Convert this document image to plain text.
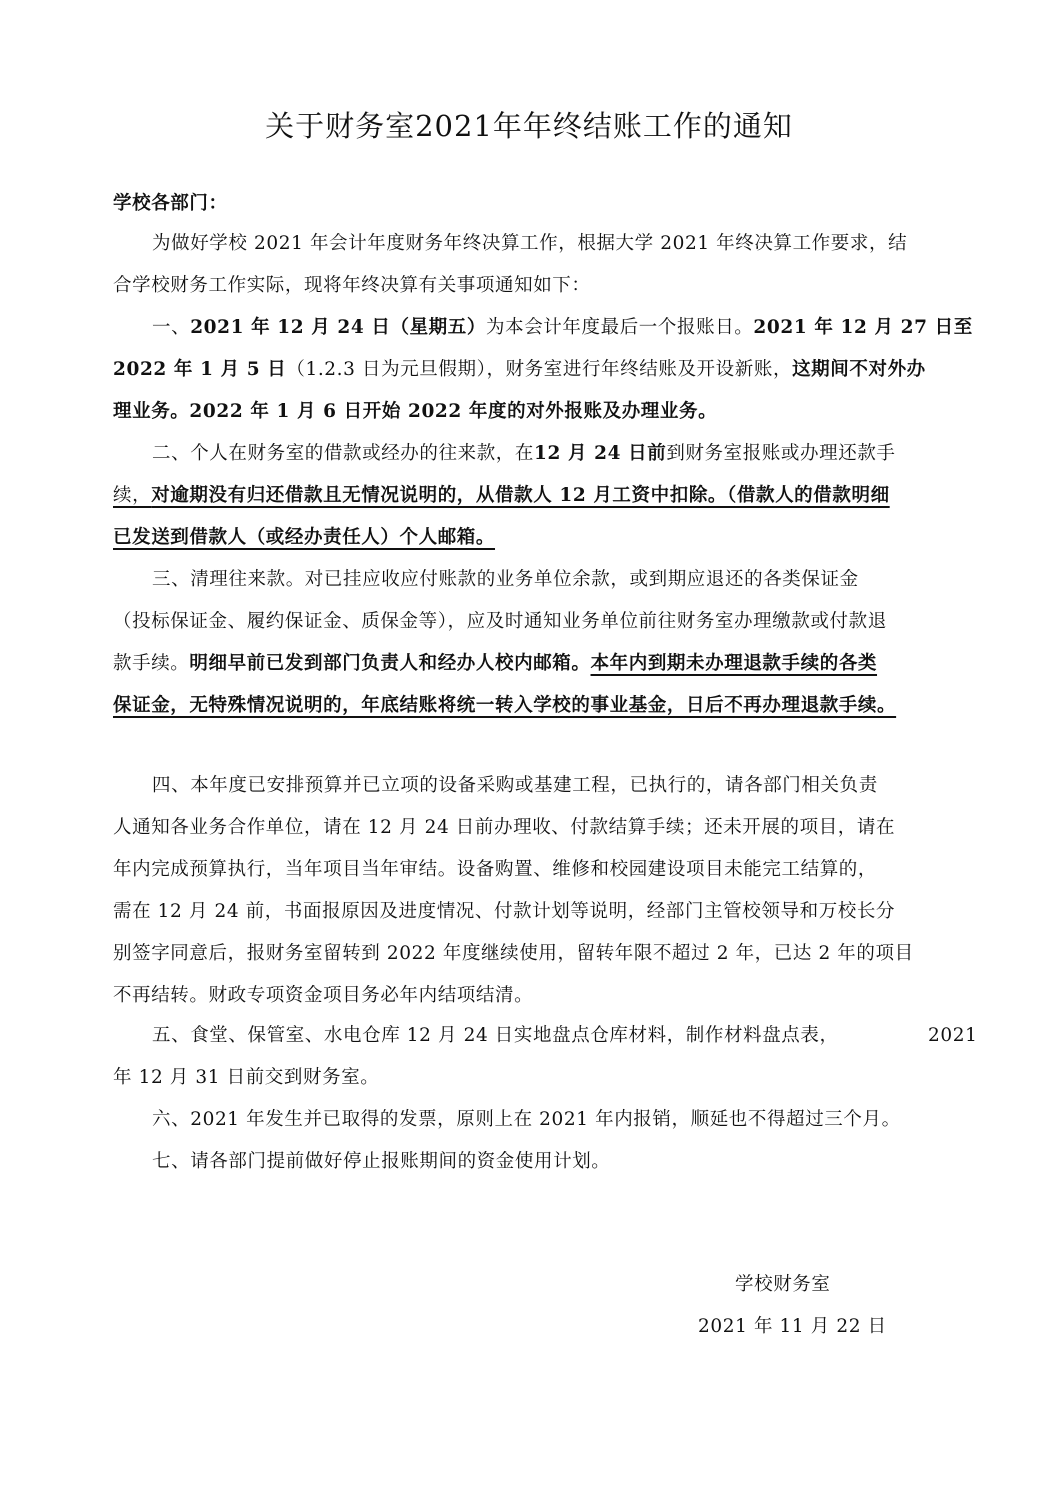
关于财务室2021年年终结账工作的通知

学校各部门：

为做好学校 2021 年会计年度财务年终决算工作，根据大学 2021 年终决算工作要求，结

合学校财务工作实际，现将年终决算有关事项通知如下：

一、2021 年 12 月 24 日（星期五）为本会计年度最后一个报账日。2021 年 12 月 27 日至

2022 年 1 月 5 日（1.2.3 日为元旦假期），财务室进行年终结账及开设新账，这期间不对外办

理业务。2022 年 1 月 6 日开始 2022 年度的对外报账及办理业务。

二、个人在财务室的借款或经办的往来款，在12 月 24 日前到财务室报账或办理还款手

续，对逾期没有归还借款且无情况说明的，从借款人 12 月工资中扣除。（借款人的借款明细

已发送到借款人（或经办责任人）个人邮箱。

三、清理往来款。对已挂应收应付账款的业务单位余款，或到期应退还的各类保证金

（投标保证金、履约保证金、质保金等），应及时通知业务单位前往财务室办理缴款或付款退

款手续。明细早前已发到部门负责人和经办人校内邮箱。本年内到期未办理退款手续的各类

保证金，无特殊情况说明的，年底结账将统一转入学校的事业基金，日后不再办理退款手续。

四、本年度已安排预算并已立项的设备采购或基建工程，已执行的，请各部门相关负责

人通知各业务合作单位，请在 12 月 24 日前办理收、付款结算手续；还未开展的项目，请在

年内完成预算执行，当年项目当年审结。设备购置、维修和校园建设项目未能完工结算的，

需在 12 月 24 前，书面报原因及进度情况、付款计划等说明，经部门主管校领导和万校长分

别签字同意后，报财务室留转到 2022 年度继续使用，留转年限不超过 2 年，已达 2 年的项目

不再结转。财政专项资金项目务必年内结项结清。

五、食堂、保管室、水电仓库 12 月 24 日实地盘点仓库材料，制作材料盘点表，	2021

年 12 月 31 日前交到财务室。

六、2021 年发生并已取得的发票，原则上在 2021 年内报销，顺延也不得超过三个月。

七、请各部门提前做好停止报账期间的资金使用计划。

学校财务室
2021 年 11 月 22 日
